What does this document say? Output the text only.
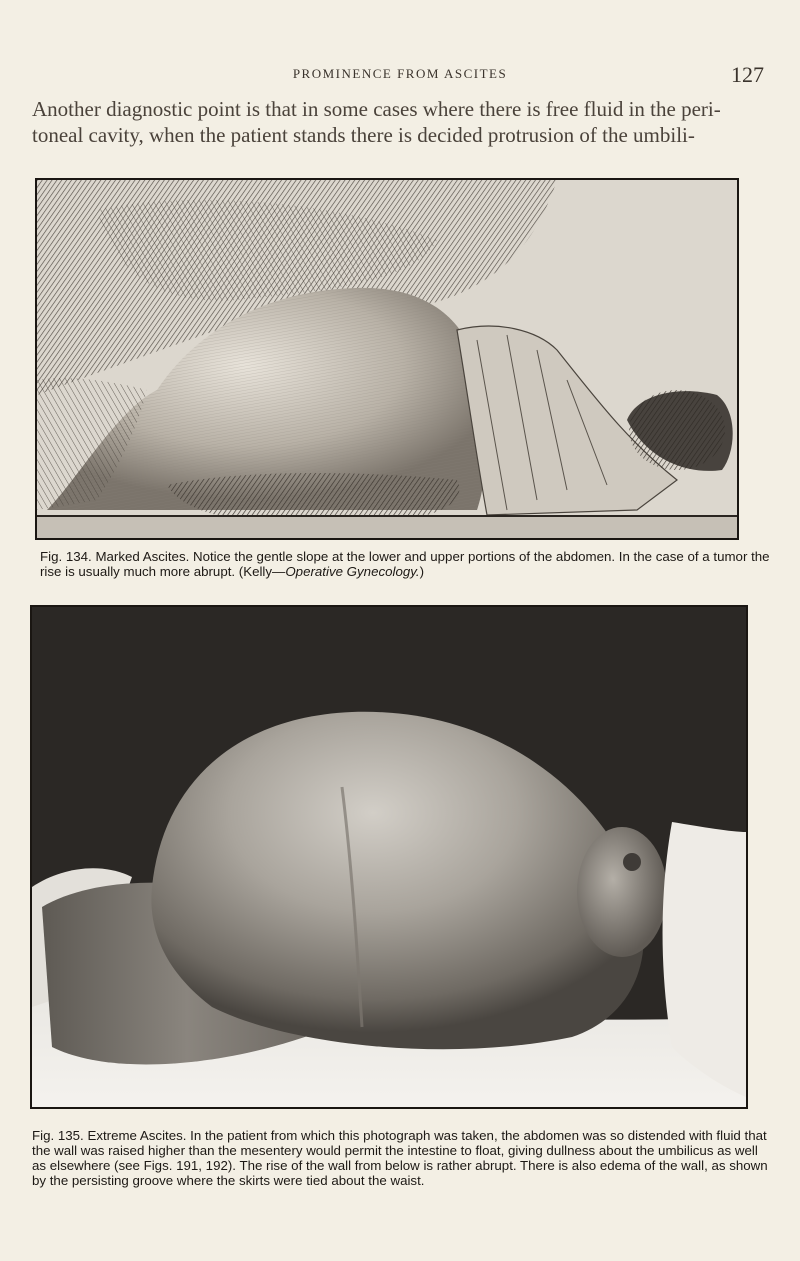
PROMINENCE FROM ASCITES	127
Another diagnostic point is that in some cases where there is free fluid in the peri-
toneal cavity, when the patient stands there is decided protrusion of the umbili-
Fig. 134. Marked Ascites. Notice the gentle slope at the lower and upper portions of the abdomen. In the case of a tumor the rise is usually much more abrupt. (Kelly—Operative Gynecology.)
Fig. 135. Extreme Ascites. In the patient from which this photograph was taken, the abdomen was so distended with fluid that the wall was raised higher than the mesentery would permit the intestine to float, giving dullness about the umbilicus as well as elsewhere (see Figs. 191, 192). The rise of the wall from below is rather abrupt. There is also edema of the wall, as shown by the persisting groove where the skirts were tied about the waist.
